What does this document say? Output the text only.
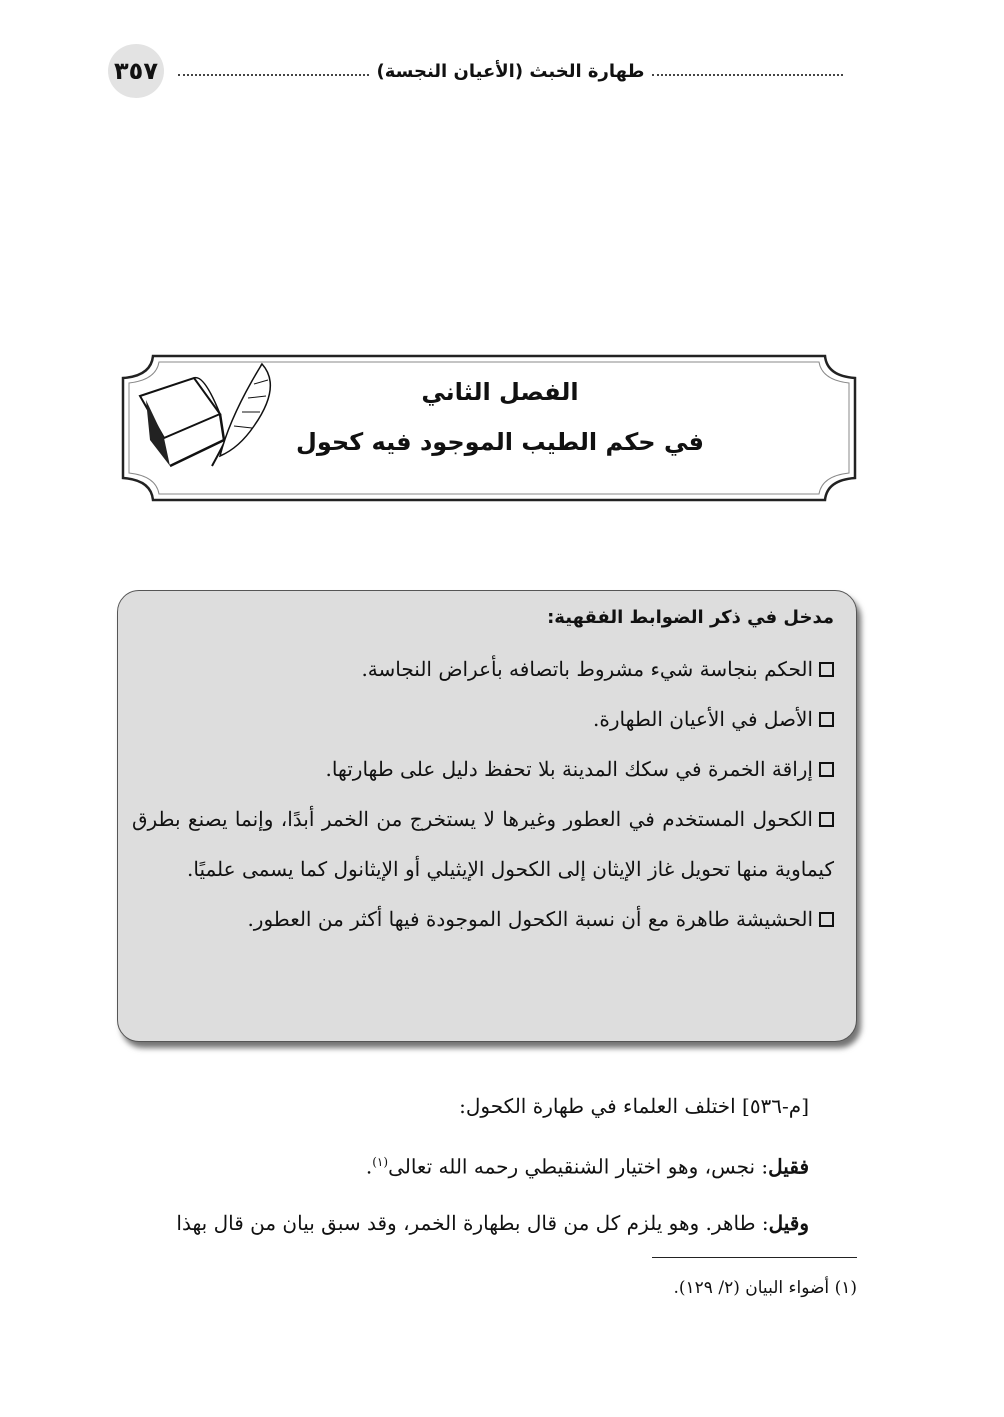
٣٥٧	طهارة الخبث (الأعيان النجسة)
الفصل الثاني
في حكم الطيب الموجود فيه كحول
مدخل في ذكر الضوابط الفقهية:
الحكم بنجاسة شيء مشروط باتصافه بأعراض النجاسة.
الأصل في الأعيان الطهارة.
إراقة الخمرة في سكك المدينة بلا تحفظ دليل على طهارتها.
الكحول المستخدم في العطور وغيرها لا يستخرج من الخمر أبدًا، وإنما يصنع بطرق كيماوية منها تحويل غاز الإيثان إلى الكحول الإيثيلي أو الإيثانول كما يسمى علميًا.
الحشيشة طاهرة مع أن نسبة الكحول الموجودة فيها أكثر من العطور.

[م-٥٣٦] اختلف العلماء في طهارة الكحول:

فقيل: نجس، وهو اختيار الشنقيطي رحمه الله تعالى$^{(١)}$.

وقيل: طاهر. وهو يلزم كل من قال بطهارة الخمر، وقد سبق بيان من قال بهذا

(١) أضواء البيان (٢/ ١٢٩).
